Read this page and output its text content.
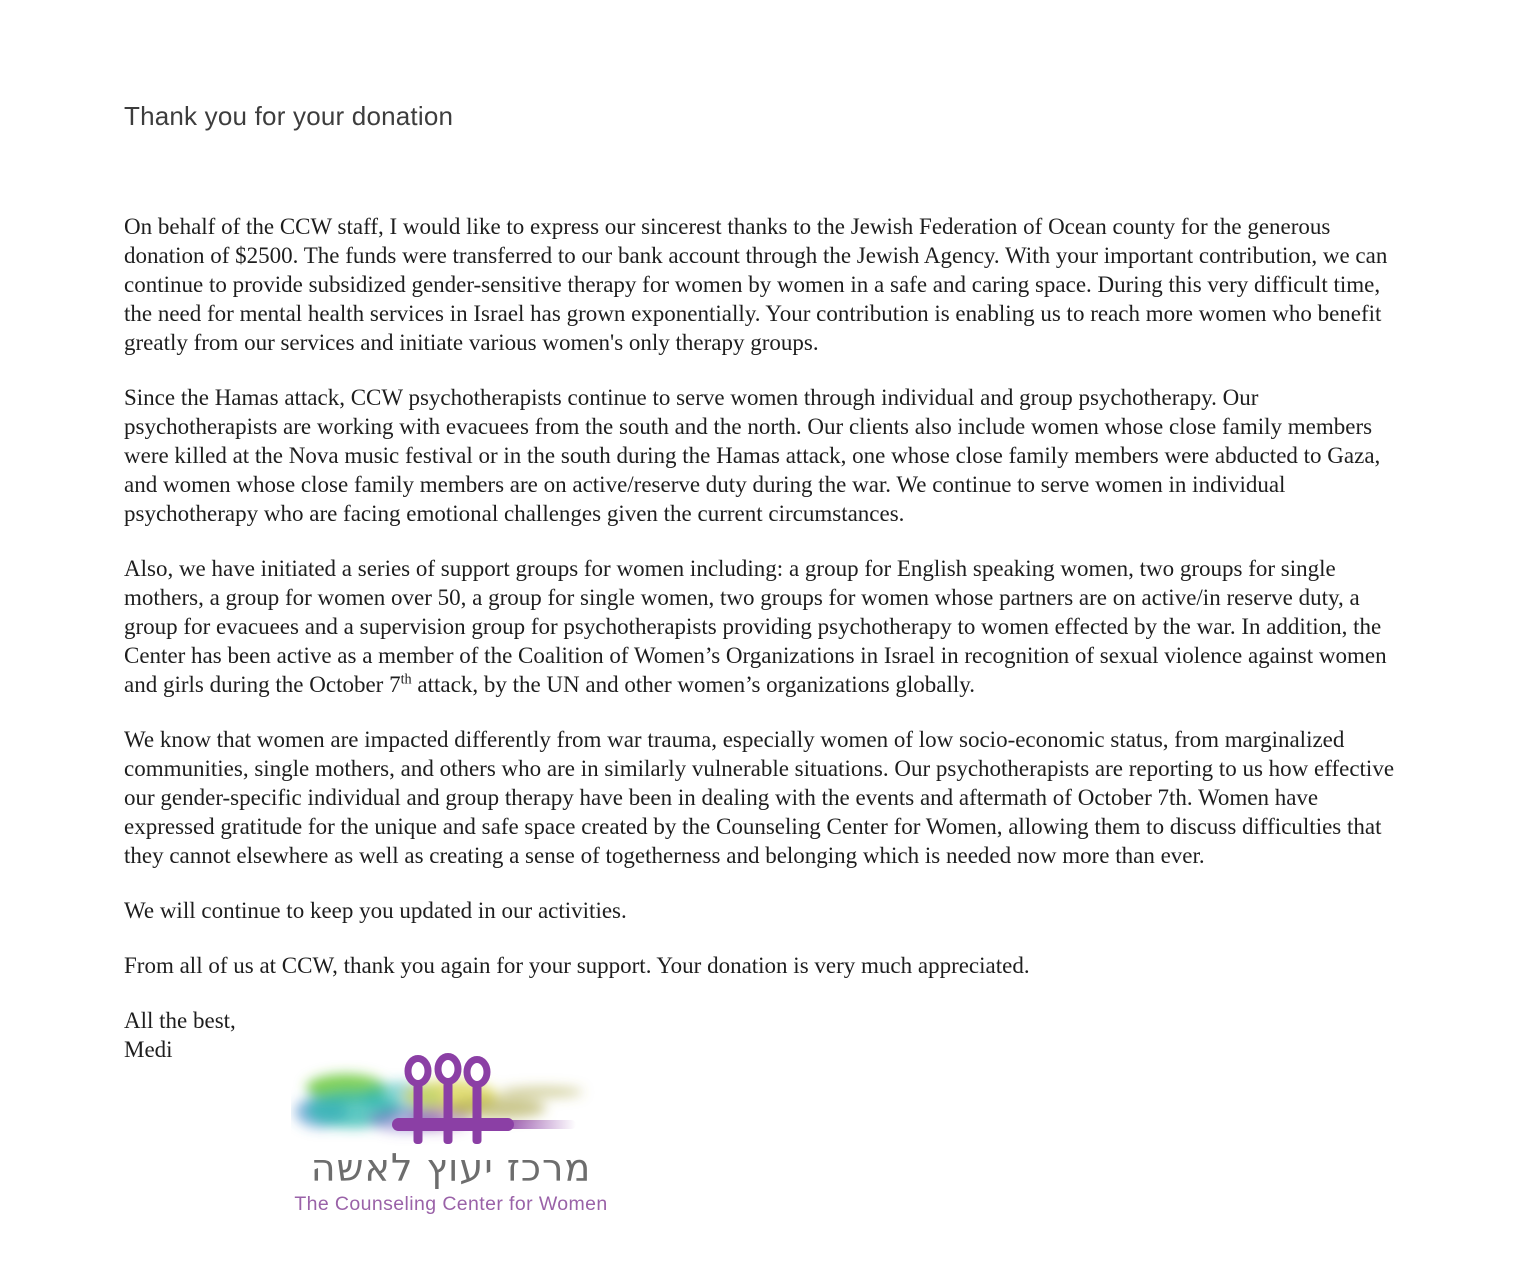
Thank you for your donation

On behalf of the CCW staff, I would like to express our sincerest thanks to the Jewish Federation of Ocean county for the generous donation of $2500. The funds were transferred to our bank account through the Jewish Agency. With your important contribution, we can continue to provide subsidized gender-sensitive therapy for women by women in a safe and caring space. During this very difficult time, the need for mental health services in Israel has grown exponentially. Your contribution is enabling us to reach more women who benefit greatly from our services and initiate various women's only therapy groups.

Since the Hamas attack, CCW psychotherapists continue to serve women through individual and group psychotherapy. Our psychotherapists are working with evacuees from the south and the north. Our clients also include women whose close family members were killed at the Nova music festival or in the south during the Hamas attack, one whose close family members were abducted to Gaza, and women whose close family members are on active/reserve duty during the war. We continue to serve women in individual psychotherapy who are facing emotional challenges given the current circumstances.

Also, we have initiated a series of support groups for women including: a group for English speaking women, two groups for single mothers, a group for women over 50, a group for single women, two groups for women whose partners are on active/in reserve duty, a group for evacuees and a supervision group for psychotherapists providing psychotherapy to women effected by the war. In addition, the Center has been active as a member of the Coalition of Women’s Organizations in Israel in recognition of sexual violence against women and girls during the October 7th attack, by the UN and other women’s organizations globally.

We know that women are impacted differently from war trauma, especially women of low socio-economic status, from marginalized communities, single mothers, and others who are in similarly vulnerable situations. Our psychotherapists are reporting to us how effective our gender-specific individual and group therapy have been in dealing with the events and aftermath of October 7th. Women have expressed gratitude for the unique and safe space created by the Counseling Center for Women, allowing them to discuss difficulties that they cannot elsewhere as well as creating a sense of togetherness and belonging which is needed now more than ever.

We will continue to keep you updated in our activities.

From all of us at CCW, thank you again for your support. Your donation is very much appreciated.

All the best,
Medi

מרכז יעוץ לאשה
The Counseling Center for Women
